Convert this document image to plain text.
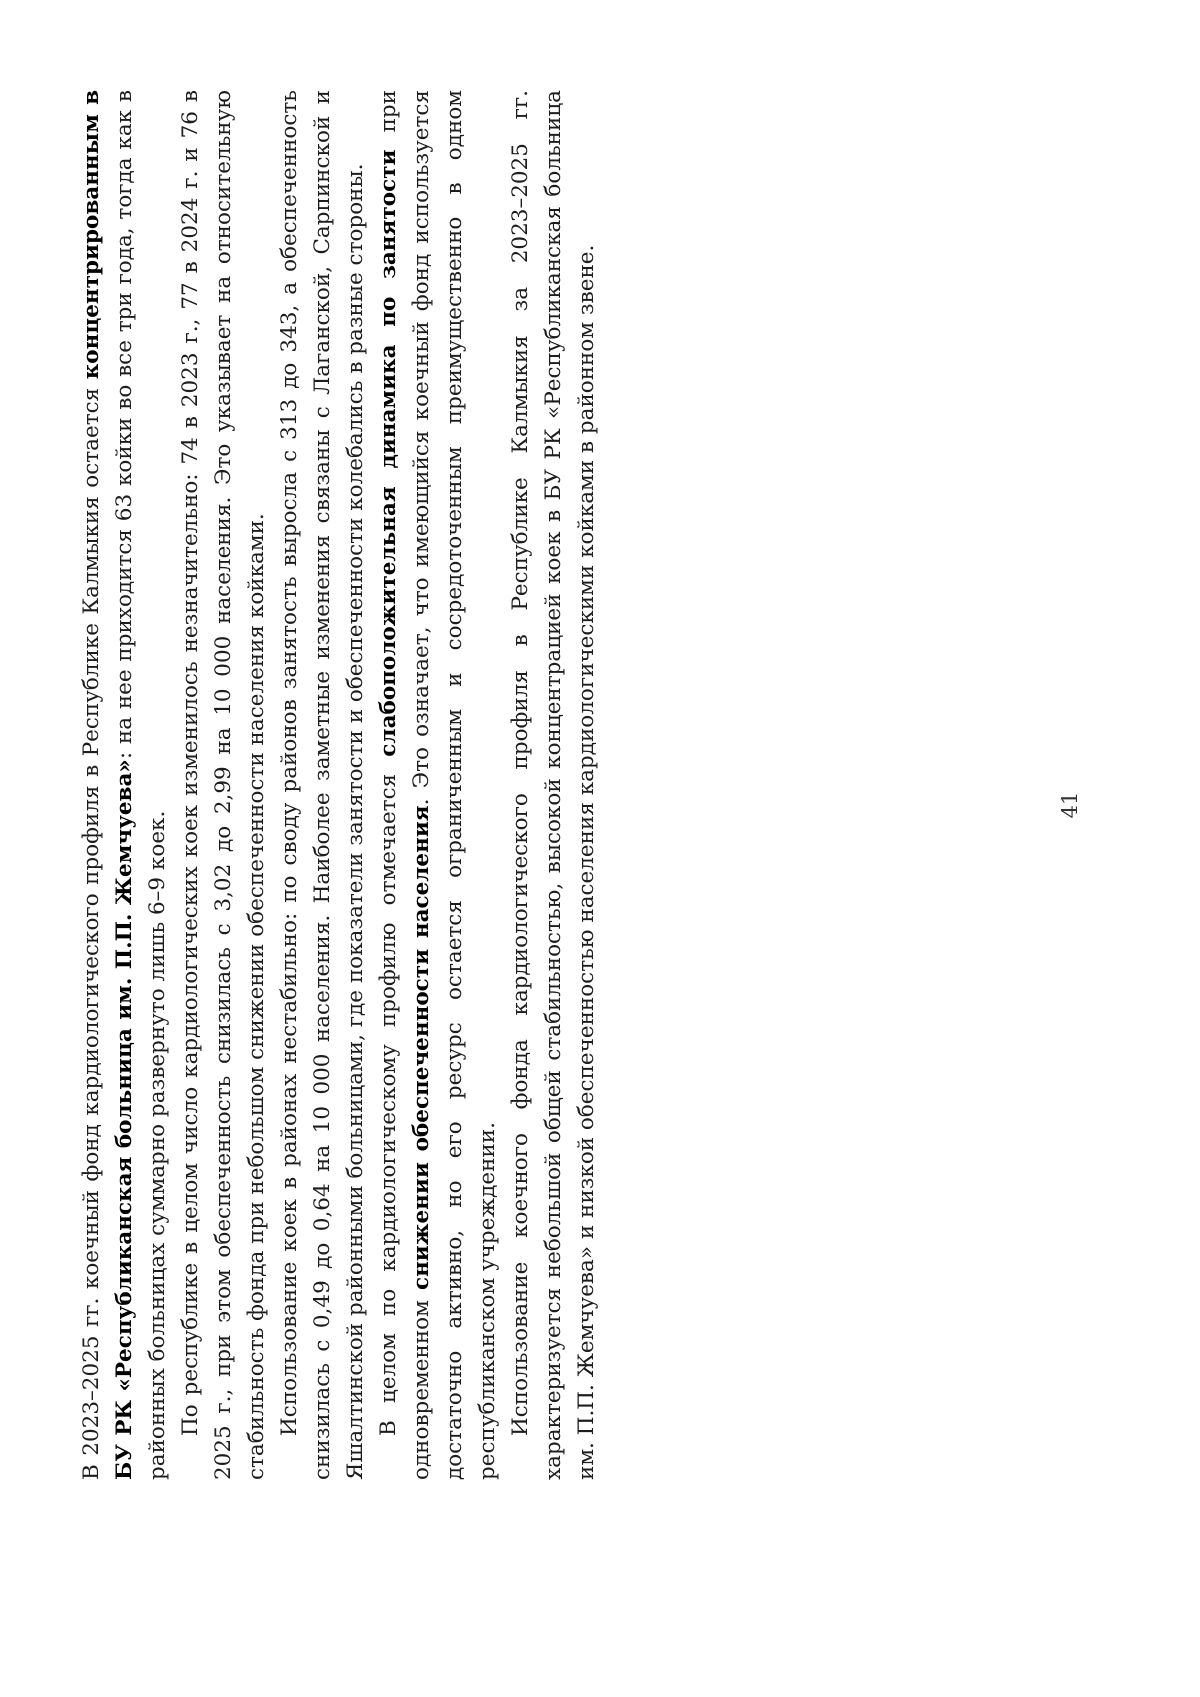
В 2023–2025 гг. коечный фонд кардиологического профиля в Республике Калмыкия остается концентрированным в БУ РК «Республиканская больница им. П.П. Жемчуева»: на нее приходится 63 койки во все три года, тогда как в районных больницах суммарно развернуто лишь 6–9 коек. По республике в целом число кардиологических коек изменилось незначительно: 74 в 2023 г., 77 в 2024 г. и 76 в 2025 г., при этом обеспеченность снизилась с 3,02 до 2,99 на 10 000 населения. Это указывает на относительную стабильность фонда при небольшом снижении обеспеченности населения койками. Использование коек в районах нестабильно: по своду районов занятость выросла с 313 до 343, а обеспеченность снизилась с 0,49 до 0,64 на 10 000 населения. Наиболее заметные изменения связаны с Лаганской, Сарпинской и Яшалтинской районными больницами, где показатели занятости и обеспеченности колебались в разные стороны. В целом по кардиологическому профилю отмечается слабоположительная динамика по занятости при одновременном снижении обеспеченности населения. Это означает, что имеющийся коечный фонд используется достаточно активно, но его ресурс остается ограниченным и сосредоточенным преимущественно в одном республиканском учреждении. Использование коечного фонда кардиологического профиля в Республике Калмыкия за 2023–2025 гг. характеризуется небольшой общей стабильностью, высокой концентрацией коек в БУ РК «Республиканская больница им. П.П. Жемчуева» и низкой обеспеченностью населения кардиологическими койками в районном звене.	41
